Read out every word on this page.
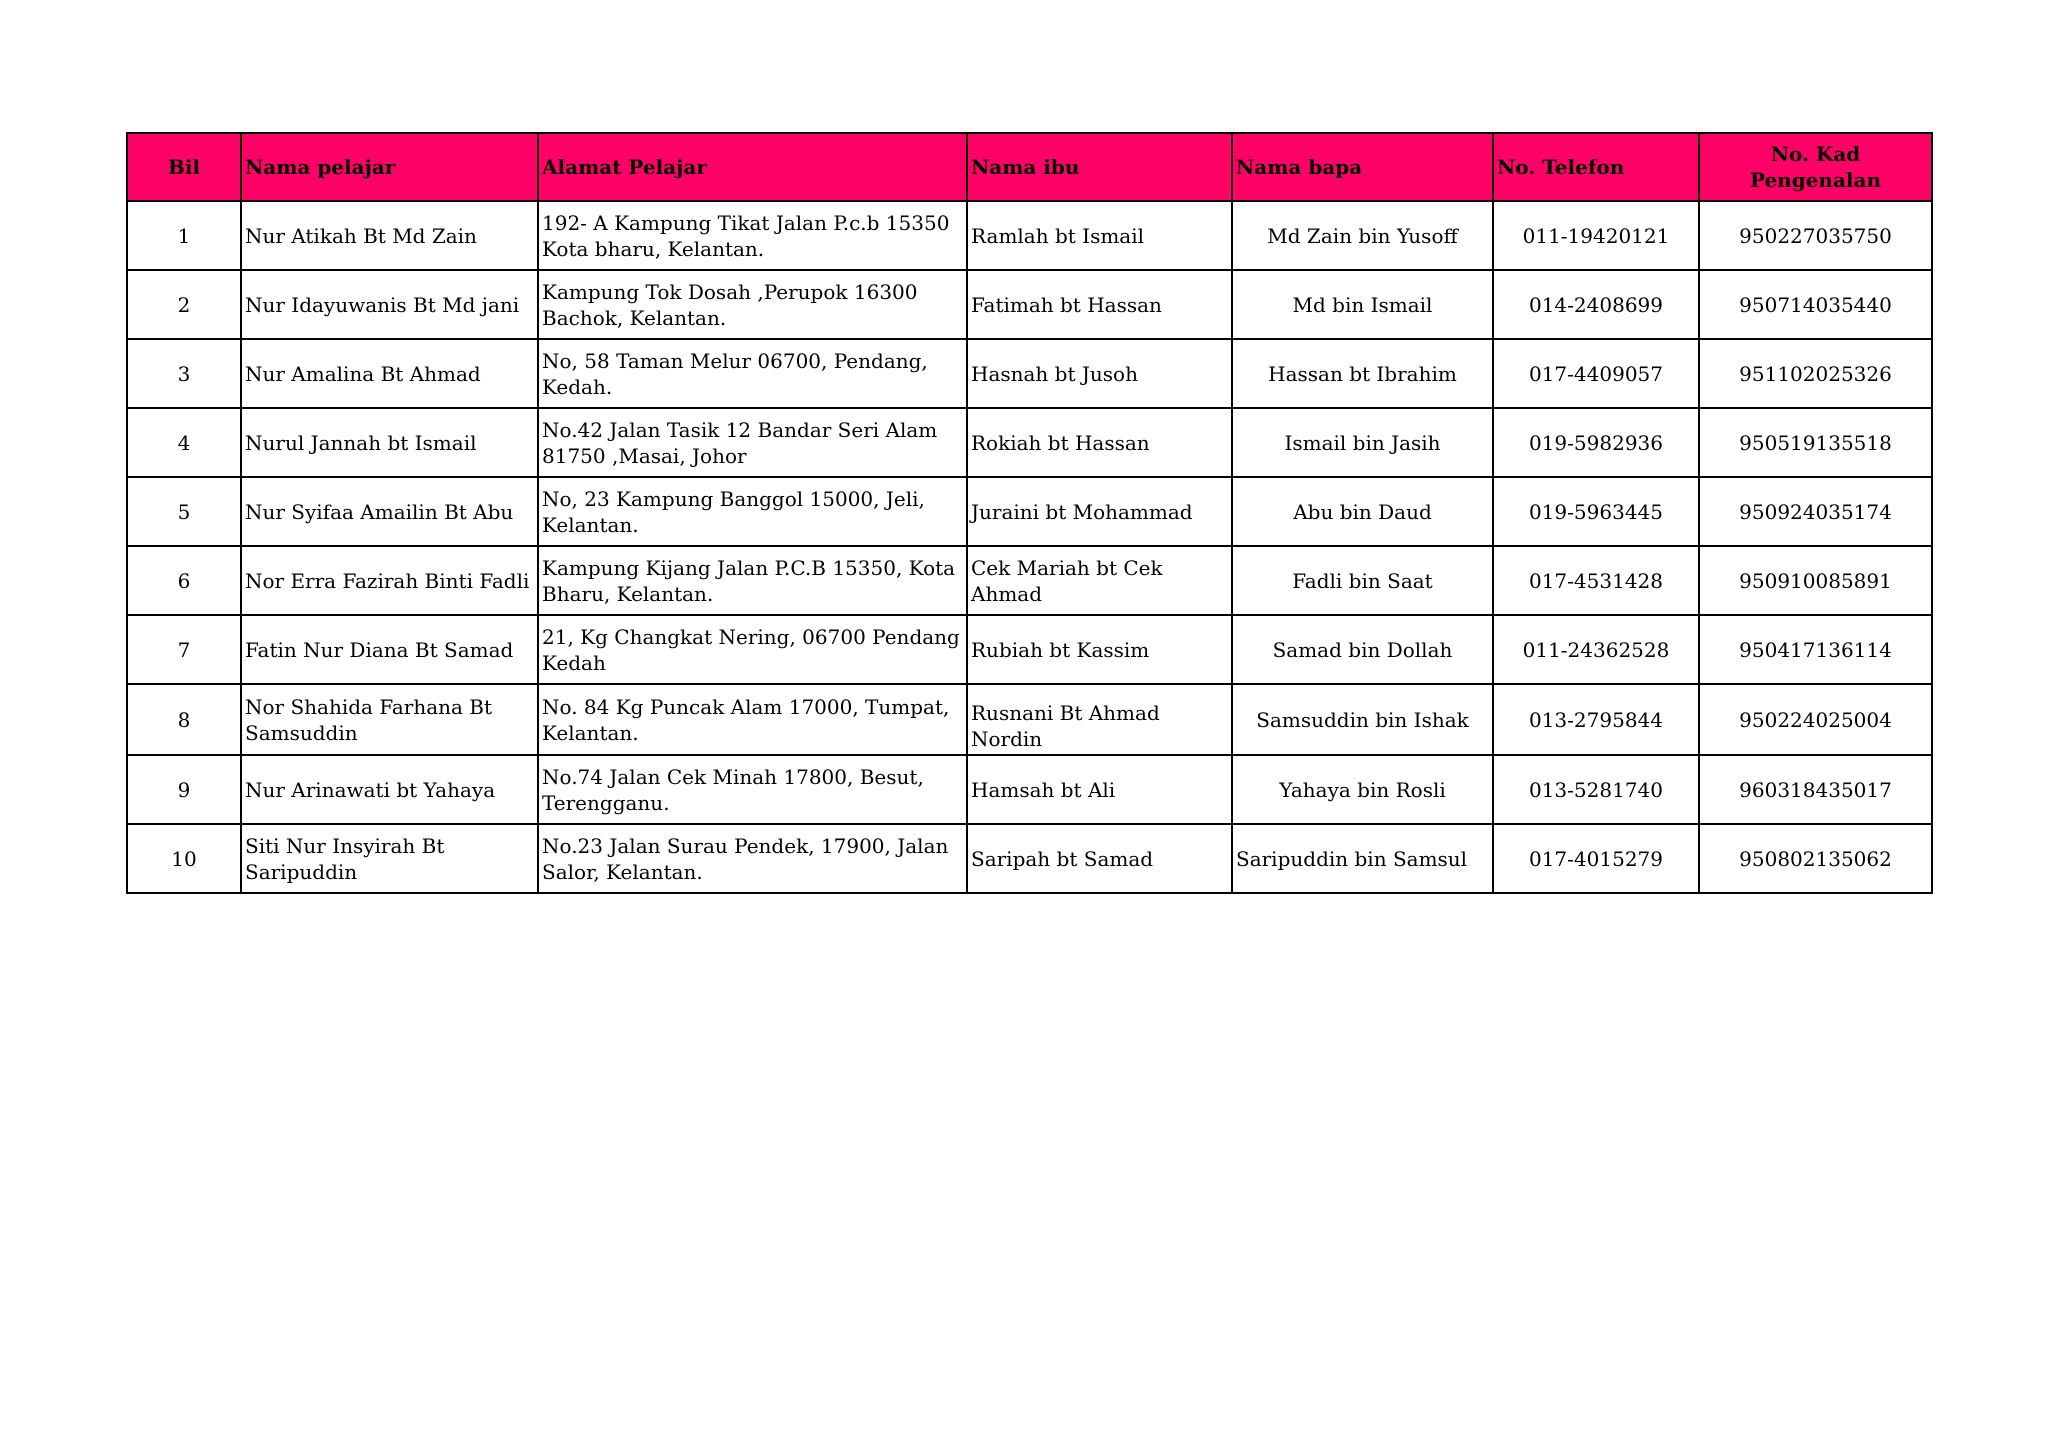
Bil	Nama pelajar	Alamat Pelajar	Nama ibu	Nama bapa	No. Telefon	No. Kad Pengenalan
1	Nur Atikah Bt Md Zain	192- A Kampung Tikat Jalan P.c.b 15350 Kota bharu, Kelantan.	Ramlah bt Ismail	Md Zain bin Yusoff	011-19420121	950227035750
2	Nur Idayuwanis Bt Md jani	Kampung Tok Dosah ,Perupok 16300 Bachok, Kelantan.	Fatimah bt Hassan	Md bin Ismail	014-2408699	950714035440
3	Nur Amalina Bt Ahmad	No, 58 Taman Melur 06700, Pendang, Kedah.	Hasnah bt Jusoh	Hassan bt Ibrahim	017-4409057	951102025326
4	Nurul Jannah bt Ismail	No.42 Jalan Tasik 12 Bandar Seri Alam 81750 ,Masai, Johor	Rokiah bt Hassan	Ismail bin Jasih	019-5982936	950519135518
5	Nur Syifaa Amailin Bt Abu	No, 23 Kampung Banggol 15000, Jeli, Kelantan.	Juraini bt Mohammad	Abu bin Daud	019-5963445	950924035174
6	Nor Erra Fazirah Binti Fadli	Kampung Kijang Jalan P.C.B 15350, Kota Bharu, Kelantan.	Cek Mariah bt Cek Ahmad	Fadli bin Saat	017-4531428	950910085891
7	Fatin Nur Diana Bt Samad	21, Kg Changkat Nering, 06700 Pendang Kedah	Rubiah bt Kassim	Samad bin Dollah	011-24362528	950417136114
8	Nor Shahida Farhana Bt Samsuddin	No. 84 Kg Puncak Alam 17000, Tumpat, Kelantan.	Rusnani Bt Ahmad Nordin	Samsuddin bin Ishak	013-2795844	950224025004
9	Nur Arinawati bt Yahaya	No.74 Jalan Cek Minah 17800, Besut, Terengganu.	Hamsah bt Ali	Yahaya bin Rosli	013-5281740	960318435017
10	Siti Nur Insyirah Bt Saripuddin	No.23 Jalan Surau Pendek, 17900, Jalan Salor, Kelantan.	Saripah bt Samad	Saripuddin bin Samsul	017-4015279	950802135062
